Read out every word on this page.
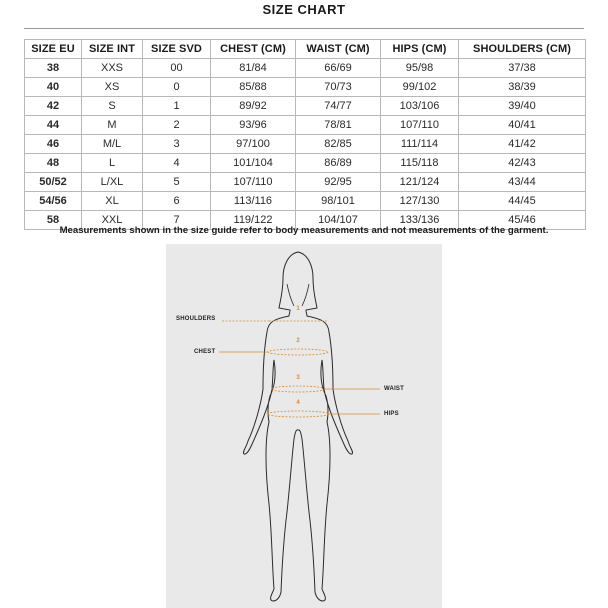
SIZE CHART
SIZE EU	SIZE INT	SIZE SVD	CHEST (CM)	WAIST (CM)	HIPS (CM)	SHOULDERS (CM)
38	XXS	00	81/84	66/69	95/98	37/38
40	XS	0	85/88	70/73	99/102	38/39
42	S	1	89/92	74/77	103/106	39/40
44	M	2	93/96	78/81	107/110	40/41
46	M/L	3	97/100	82/85	111/114	41/42
48	L	4	101/104	86/89	115/118	42/43
50/52	L/XL	5	107/110	92/95	121/124	43/44
54/56	XL	6	113/116	98/101	127/130	44/45
58	XXL	7	119/122	104/107	133/136	45/46
Measurements shown in the size guide refer to body measurements and not measurements of the garment.
SHOULDERS
CHEST
WAIST
HIPS
1
2
3
4
